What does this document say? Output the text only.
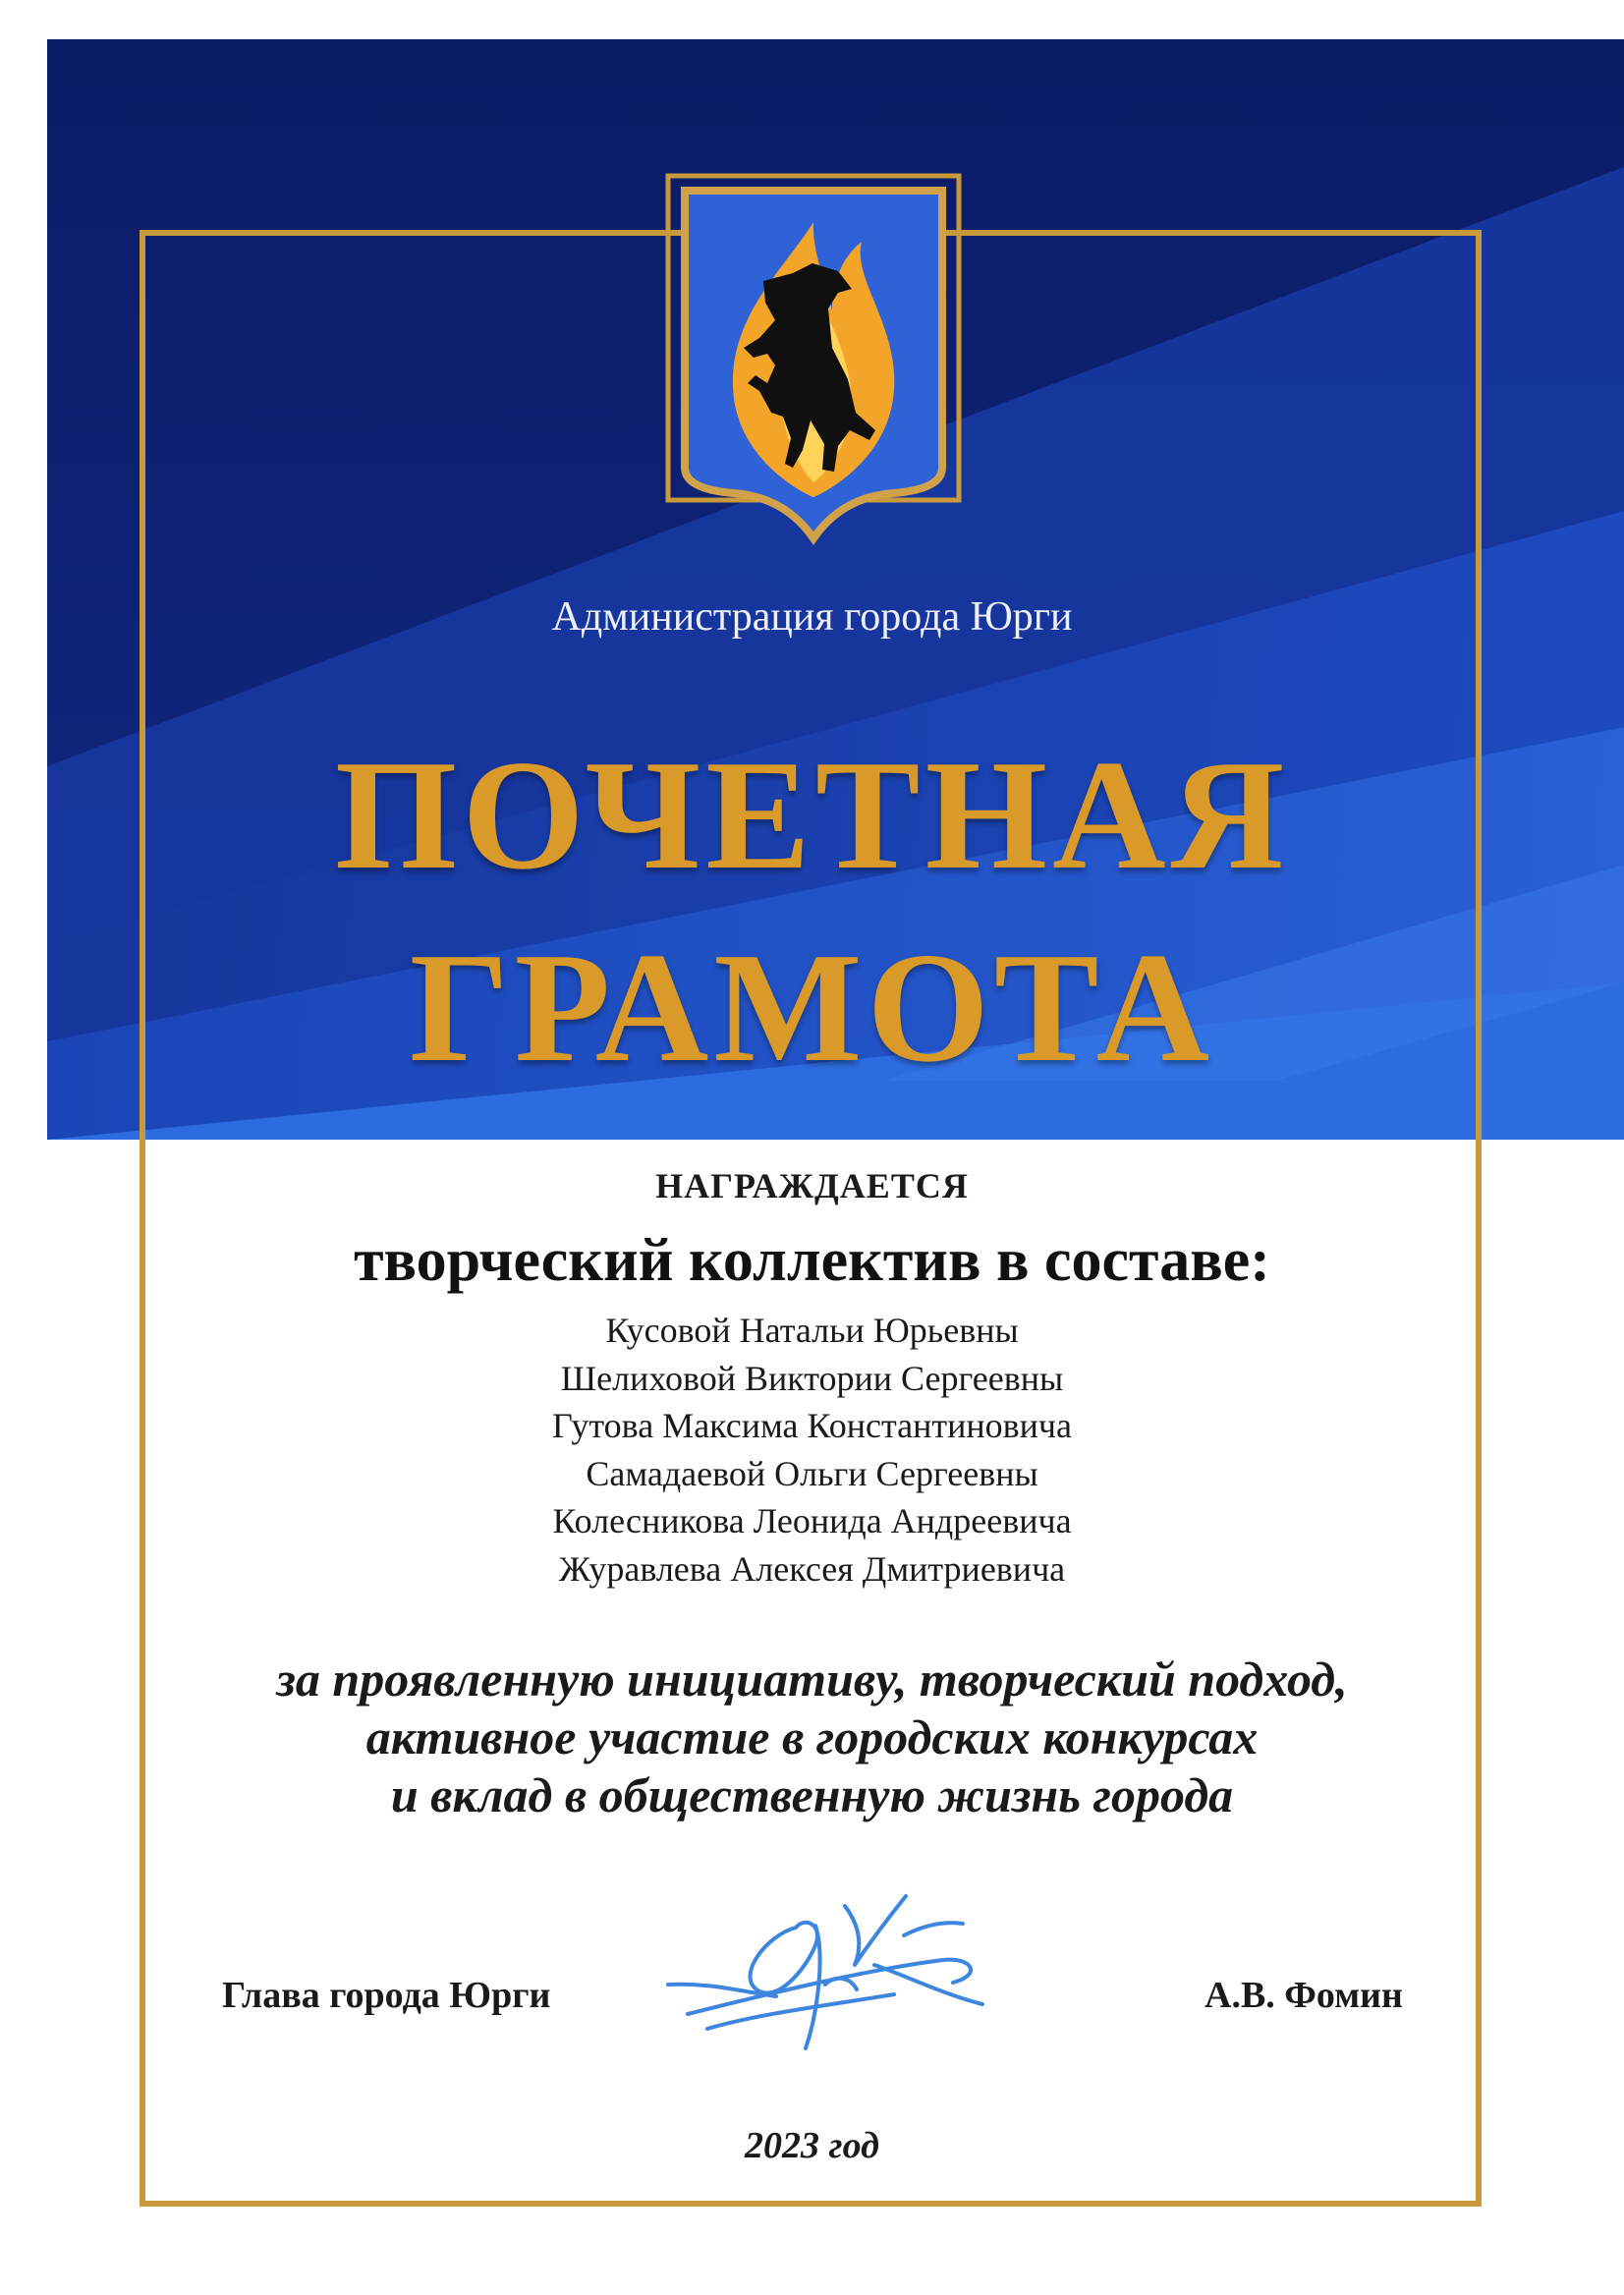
Администрация города Юрги
ПОЧЕТНАЯ
ГРАМОТА
НАГРАЖДАЕТСЯ
творческий коллектив в составе:
Кусовой Натальи Юрьевны
Шелиховой Виктории Сергеевны
Гутова Максима Константиновича
Самадаевой Ольги Сергеевны
Колесникова Леонида Андреевича
Журавлева Алексея Дмитриевича
за проявленную инициативу, творческий подход,
активное участие в городских конкурсах
и вклад в общественную жизнь города
Глава города Юрги	А.В. Фомин
2023 год
